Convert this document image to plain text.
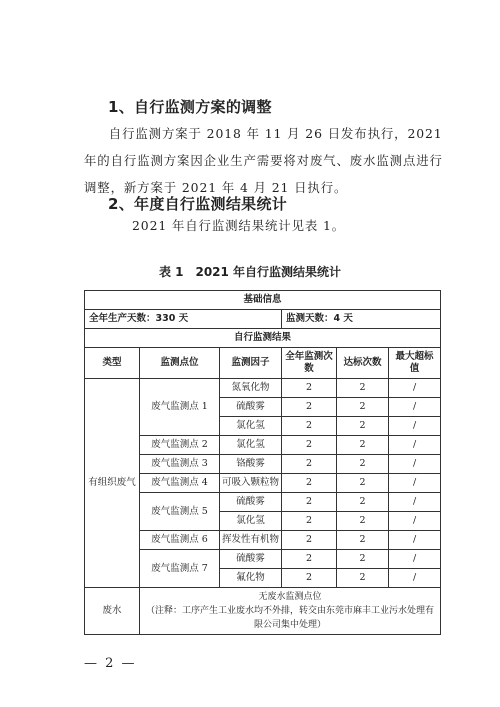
1、自行监测方案的调整
自行监测方案于 2018 年 11 月 26 日发布执行，2021 年的自行监测方案因企业生产需要将对废气、废水监测点进行调整，新方案于 2021 年 4 月 21 日执行。
2、年度自行监测结果统计
2021 年自行监测结果统计见表 1。
表 1　2021 年自行监测结果统计
基础信息					
全年生产天数：330 天			监测天数：4 天		
自行监测结果					
类型	监测点位	监测因子	全年监测次数	达标次数	最大超标值
有组织废气	废气监测点 1	氮氧化物	2	2	/
		硫酸雾	2	2	/
		氯化氢	2	2	/
	废气监测点 2	氯化氢	2	2	/
	废气监测点 3	铬酸雾	2	2	/
	废气监测点 4	可吸入颗粒物	2	2	/
	废气监测点 5	硫酸雾	2	2	/
		氯化氢	2	2	/
	废气监测点 6	挥发性有机物	2	2	/
	废气监测点 7	硫酸雾	2	2	/
		氟化物	2	2	/
废水	无废水监测点位
（注释：工序产生工业废水均不外排，转交由东莞市麻丰工业污水处理有限公司集中处理）				
— 2 —
